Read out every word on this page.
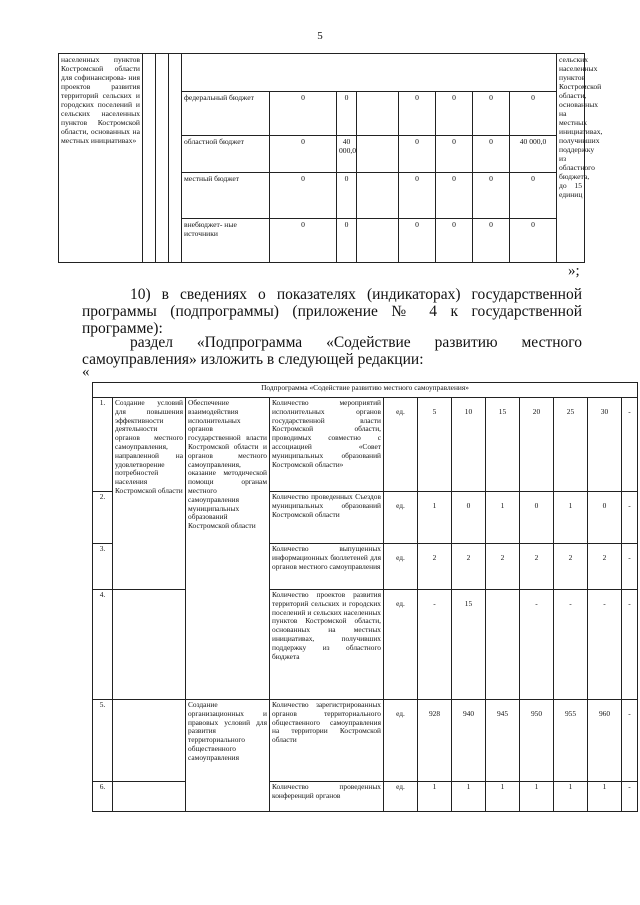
5
населенных пунктов Костромской области для софинансирова- ния проектов развития территорий сельских и городских поселений и сельских населенных пунктов Костромской области, основанных на местных инициативах»												сельских населенных пунктов Костромской области, основанных на местных инициативах, получивших поддержку из областного бюджета, до 15 единиц
				федеральный бюджет	0	0		0	0	0	0	
				областной бюджет	0	40 000,0		0	0	0	40 000,0	
				местный бюджет	0	0		0	0	0	0	
				внебюджет- ные источники	0	0		0	0	0	0	
»;

10) в сведениях о показателях (индикаторах) государственной программы (подпрограммы) (приложение № 4 к государственной программе):

раздел «Подпрограмма «Содействие развитию местного самоуправления» изложить в следующей редакции:

«
Подпрограмма «Содействие развитию местного самоуправления»											
1.	Создание условий для повышения эффективности деятельности органов местного самоуправления, направленной на удовлетворение потребностей населения Костромской области	Обеспечение взаимодействия исполнительных органов государственной власти Костромской области и органов местного самоуправления, оказание методической помощи органам местного самоуправления муниципальных образований Костромской области	Количество мероприятий исполнительных органов государственной власти Костромской области, проводимых совместно с ассоциацией «Совет муниципальных образований Костромской области»	ед.	5	10	15	20	25	30	-
2.			Количество проведенных Съездов муниципальных образований Костромской области	ед.	1	0	1	0	1	0	-
3.			Количество выпущенных информационных бюллетеней для органов местного самоуправления	ед.	2	2	2	2	2	2	-
4.			Количество проектов развития территорий сельских и городских поселений и сельских населенных пунктов Костромской области, основанных на местных инициативах, получивших поддержку из областного бюджета	ед.	-	15		-	-	-	-
5.		Создание организационных и правовых условий для развития территориального общественного самоуправления	Количество зарегистрированных органов территориального общественного самоуправления на территории Костромской области	ед.	928	940	945	950	955	960	-
6.			Количество проведенных конференций органов	ед.	1	1	1	1	1	1	-
